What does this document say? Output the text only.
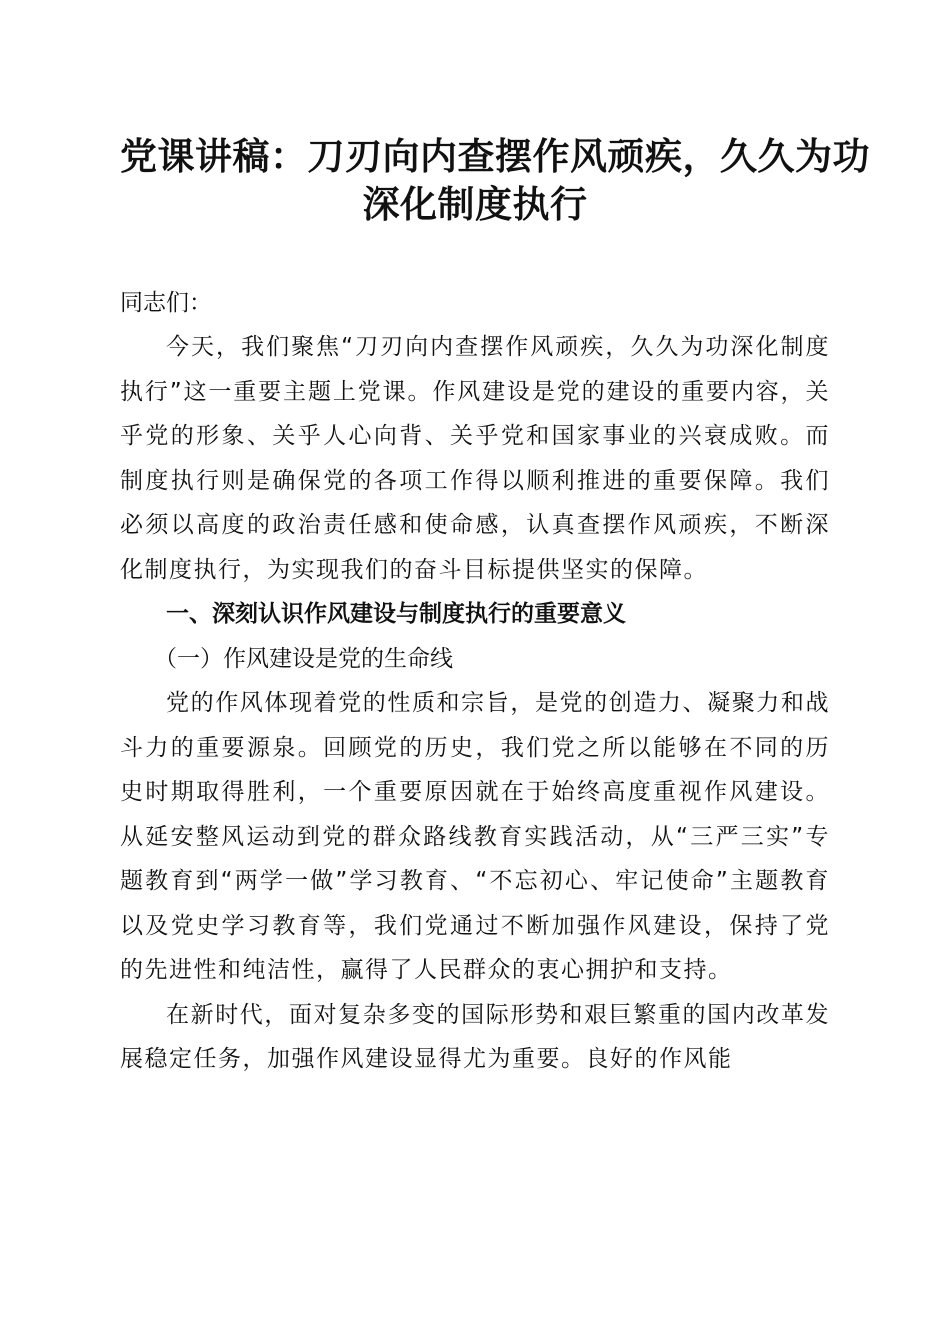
党课讲稿：刀刃向内查摆作风顽疾，久久为功
深化制度执行

同志们：

今天，我们聚焦“刀刃向内查摆作风顽疾，久久为功深化制度执行”这一重要主题上党课。作风建设是党的建设的重要内容，关乎党的形象、关乎人心向背、关乎党和国家事业的兴衰成败。而制度执行则是确保党的各项工作得以顺利推进的重要保障。我们必须以高度的政治责任感和使命感，认真查摆作风顽疾，不断深化制度执行，为实现我们的奋斗目标提供坚实的保障。

一、深刻认识作风建设与制度执行的重要意义

（一）作风建设是党的生命线

党的作风体现着党的性质和宗旨，是党的创造力、凝聚力和战斗力的重要源泉。回顾党的历史，我们党之所以能够在不同的历史时期取得胜利，一个重要原因就在于始终高度重视作风建设。从延安整风运动到党的群众路线教育实践活动，从“三严三实”专题教育到“两学一做”学习教育、“不忘初心、牢记使命”主题教育以及党史学习教育等，我们党通过不断加强作风建设，保持了党的先进性和纯洁性，赢得了人民群众的衷心拥护和支持。

在新时代，面对复杂多变的国际形势和艰巨繁重的国内改革发展稳定任务，加强作风建设显得尤为重要。良好的作风能
